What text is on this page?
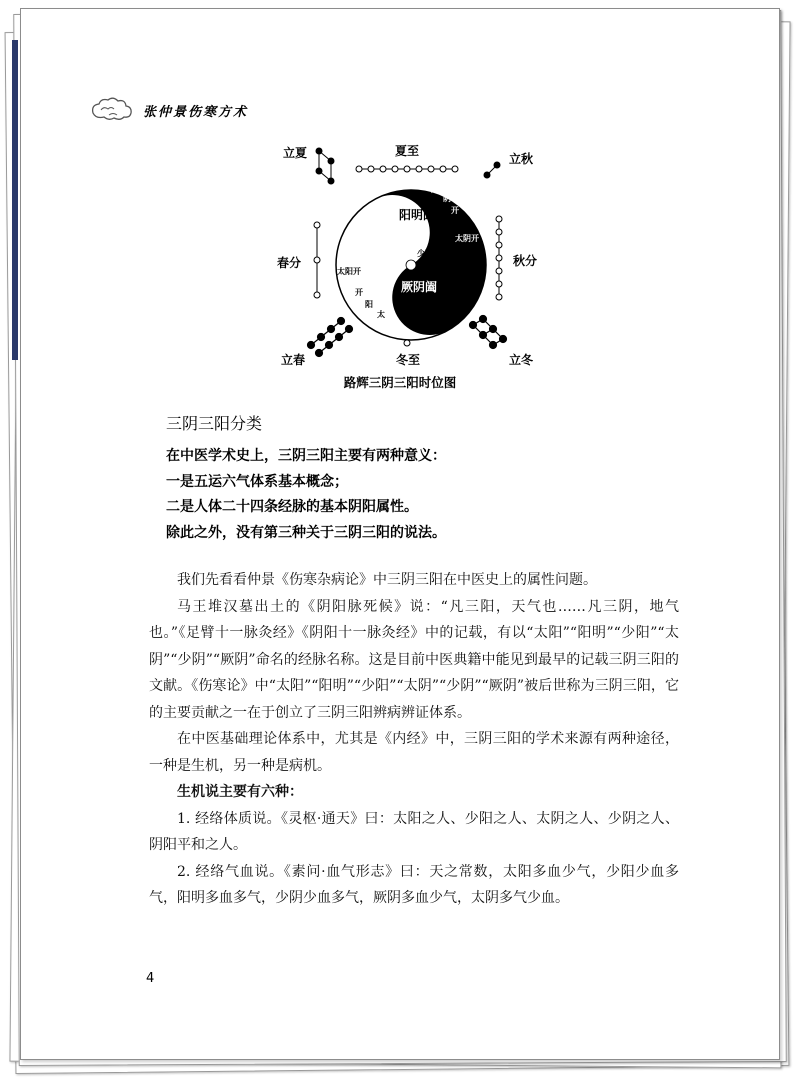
张仲景伤寒方术
阳明阖
少阳枢
少阴枢
厥阴阖
太阳开
太阴开
太
阴
开
开
阳
太
立夏	夏至
立秋
春分	秋分
立春	冬至	立冬
路辉三阴三阳时位图
三阴三阳分类
在中医学术史上，三阴三阳主要有两种意义：
一是五运六气体系基本概念；
二是人体二十四条经脉的基本阴阳属性。
除此之外，没有第三种关于三阴三阳的说法。

我们先看看仲景《伤寒杂病论》中三阴三阳在中医史上的属性问题。

马王堆汉墓出土的《阴阳脉死候》说：“凡三阳，天气也……凡三阴，地气也。”《足臂十一脉灸经》《阴阳十一脉灸经》中的记载，有以“太阳”“阳明”“少阳”“太阴”“少阴”“厥阴”命名的经脉名称。这是目前中医典籍中能见到最早的记载三阴三阳的文献。《伤寒论》中“太阳”“阳明”“少阳”“太阴”“少阴”“厥阴”被后世称为三阴三阳，它的主要贡献之一在于创立了三阴三阳辨病辨证体系。

在中医基础理论体系中，尤其是《内经》中，三阴三阳的学术来源有两种途径，一种是生机，另一种是病机。

生机说主要有六种：

1. 经络体质说。《灵枢·通天》曰：太阳之人、少阳之人、太阴之人、少阴之人、阴阳平和之人。

2. 经络气血说。《素问·血气形志》曰：天之常数，太阳多血少气，少阳少血多气，阳明多血多气，少阴少血多气，厥阴多血少气，太阴多气少血。

4
